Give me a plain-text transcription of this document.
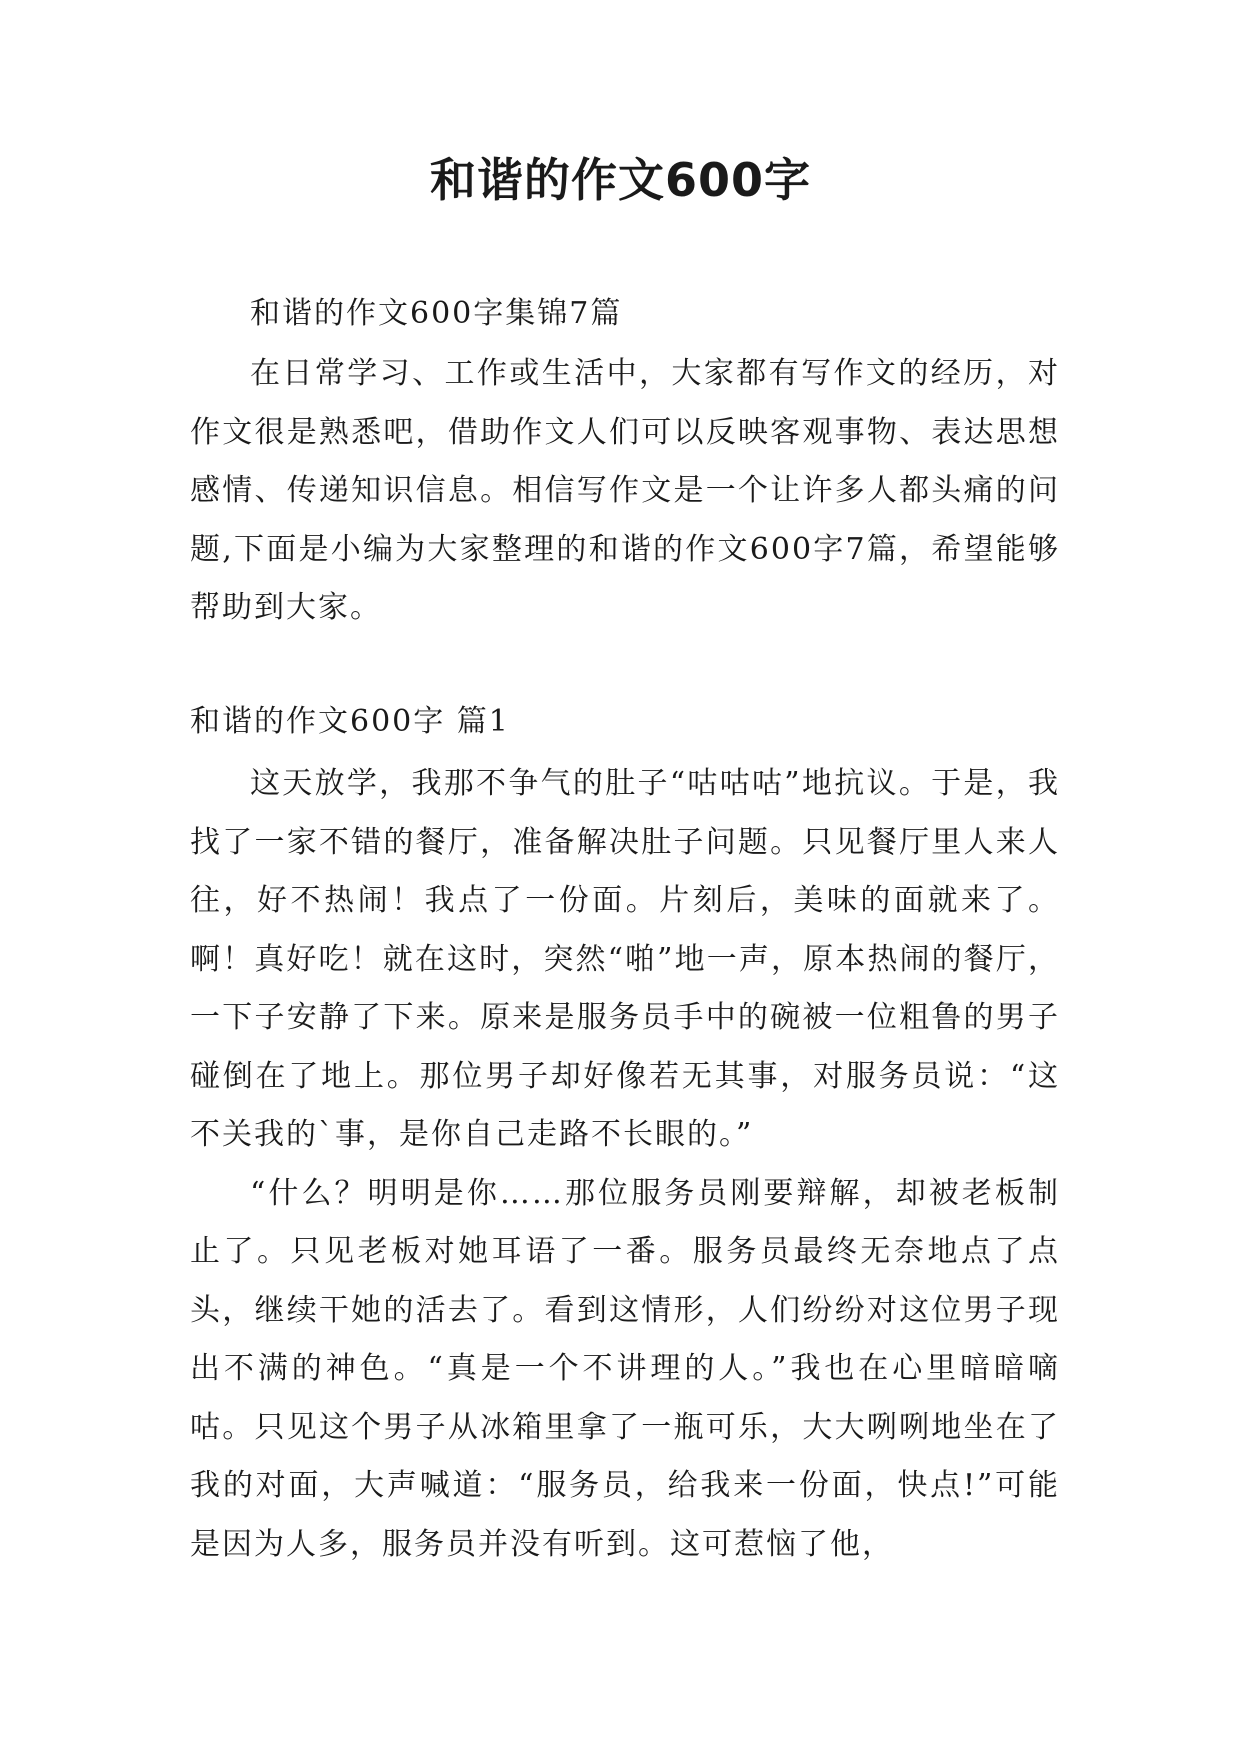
和谐的作文600字
和谐的作文600字集锦7篇

在日常学习、工作或生活中，大家都有写作文的经历，对作文很是熟悉吧，借助作文人们可以反映客观事物、表达思想感情、传递知识信息。相信写作文是一个让许多人都头痛的问题,下面是小编为大家整理的和谐的作文600字7篇，希望能够帮助到大家。

和谐的作文600字 篇1

这天放学，我那不争气的肚子“咕咕咕”地抗议。于是，我找了一家不错的餐厅，准备解决肚子问题。只见餐厅里人来人往，好不热闹！我点了一份面。片刻后，美味的面就来了。啊！真好吃！就在这时，突然“啪”地一声，原本热闹的餐厅，一下子安静了下来。原来是服务员手中的碗被一位粗鲁的男子碰倒在了地上。那位男子却好像若无其事，对服务员说：“这不关我的`事，是你自己走路不长眼的。”

“什么？明明是你……那位服务员刚要辩解，却被老板制止了。只见老板对她耳语了一番。服务员最终无奈地点了点头，继续干她的活去了。看到这情形，人们纷纷对这位男子现出不满的神色。“真是一个不讲理的人。”我也在心里暗暗嘀咕。只见这个男子从冰箱里拿了一瓶可乐，大大咧咧地坐在了我的对面，大声喊道：“服务员，给我来一份面，快点!”可能是因为人多，服务员并没有听到。这可惹恼了他，
